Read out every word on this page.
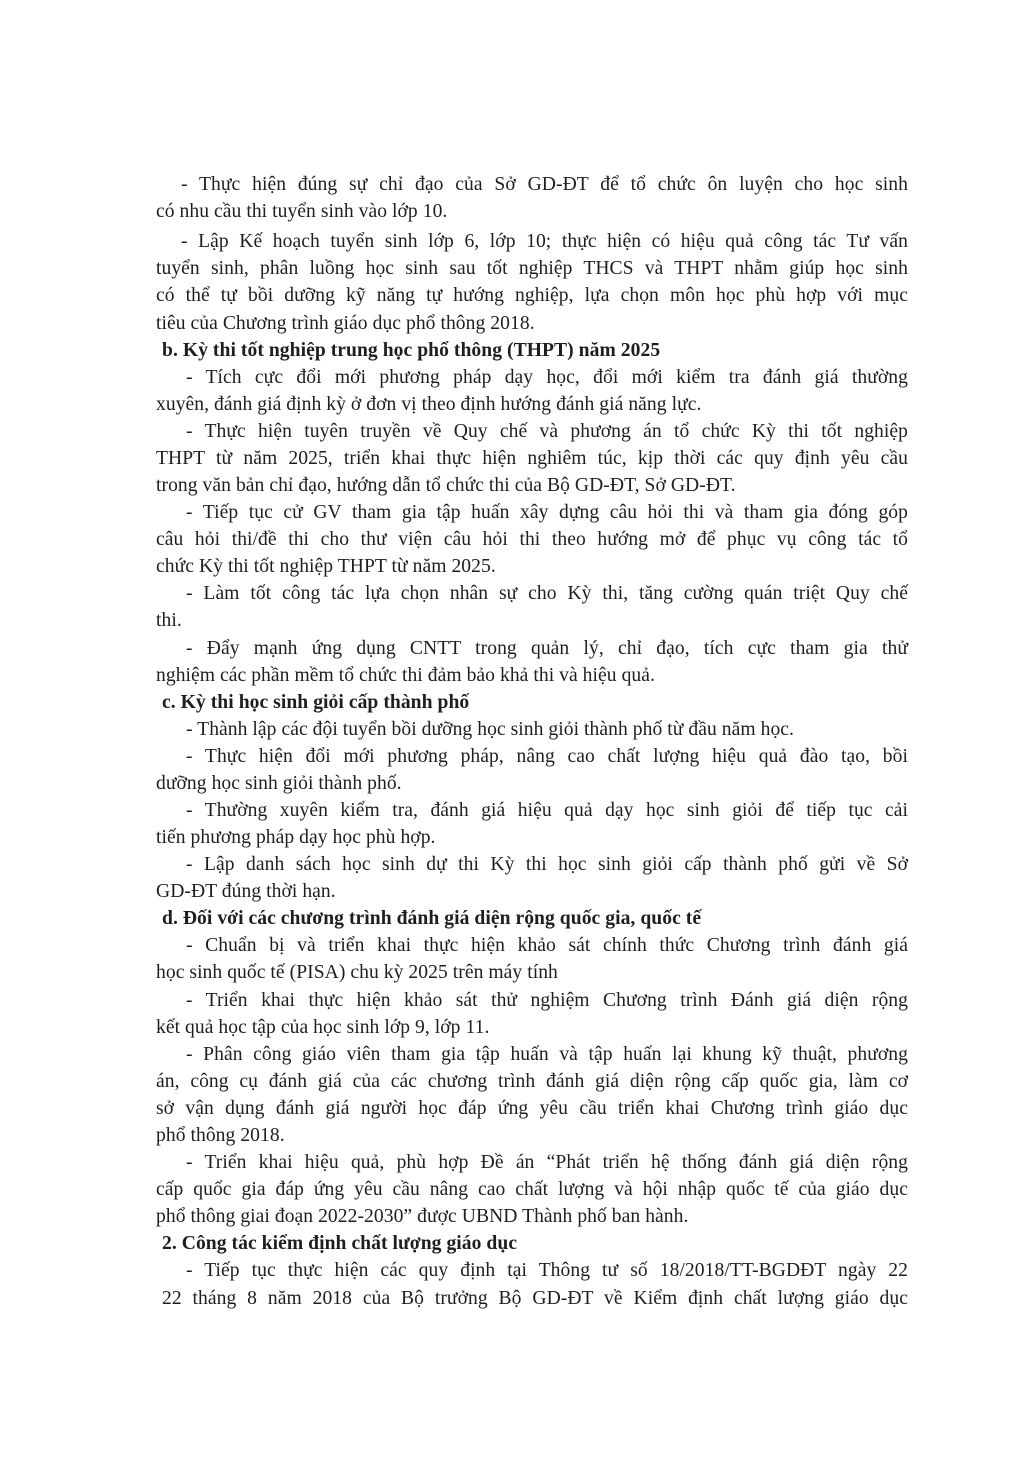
- Thực hiện đúng sự chỉ đạo của Sở GD-ĐT để tổ chức ôn luyện cho học sinh
có nhu cầu thi tuyển sinh vào lớp 10.
- Lập Kế hoạch tuyển sinh lớp 6, lớp 10; thực hiện có hiệu quả công tác Tư vấn
tuyển sinh, phân luồng học sinh sau tốt nghiệp THCS và THPT nhằm giúp học sinh
có thể tự bồi dưỡng kỹ năng tự hướng nghiệp, lựa chọn môn học phù hợp với mục
tiêu của Chương trình giáo dục phổ thông 2018.
b. Kỳ thi tốt nghiệp trung học phổ thông (THPT) năm 2025
- Tích cực đổi mới phương pháp dạy học, đổi mới kiểm tra đánh giá thường
xuyên, đánh giá định kỳ ở đơn vị theo định hướng đánh giá năng lực.
- Thực hiện tuyên truyền về Quy chế và phương án tổ chức Kỳ thi tốt nghiệp
THPT từ năm 2025, triển khai thực hiện nghiêm túc, kịp thời các quy định yêu cầu
trong văn bản chỉ đạo, hướng dẫn tổ chức thi của Bộ GD-ĐT, Sở GD-ĐT.
- Tiếp tục cử GV tham gia tập huấn xây dựng câu hỏi thi và tham gia đóng góp
câu hỏi thi/đề thi cho thư viện câu hỏi thi theo hướng mở để phục vụ công tác tổ
chức Kỳ thi tốt nghiệp THPT từ năm 2025.
- Làm tốt công tác lựa chọn nhân sự cho Kỳ thi, tăng cường quán triệt Quy chế
thi.
- Đẩy mạnh ứng dụng CNTT trong quản lý, chỉ đạo, tích cực tham gia thử
nghiệm các phần mềm tổ chức thi đảm bảo khả thi và hiệu quả.
c. Kỳ thi học sinh giỏi cấp thành phố
- Thành lập các đội tuyển bồi dưỡng học sinh giỏi thành phố từ đầu năm học.
- Thực hiện đổi mới phương pháp, nâng cao chất lượng hiệu quả đào tạo, bồi
dưỡng học sinh giỏi thành phố.
- Thường xuyên kiểm tra, đánh giá hiệu quả dạy học sinh giỏi để tiếp tục cải
tiến phương pháp dạy học phù hợp.
- Lập danh sách học sinh dự thi Kỳ thi học sinh giỏi cấp thành phố gửi về Sở
GD-ĐT đúng thời hạn.
d. Đối với các chương trình đánh giá diện rộng quốc gia, quốc tế
- Chuẩn bị và triển khai thực hiện khảo sát chính thức Chương trình đánh giá
học sinh quốc tế (PISA) chu kỳ 2025 trên máy tính
- Triển khai thực hiện khảo sát thử nghiệm Chương trình Đánh giá diện rộng
kết quả học tập của học sinh lớp 9, lớp 11.
- Phân công giáo viên tham gia tập huấn và tập huấn lại khung kỹ thuật, phương
án, công cụ đánh giá của các chương trình đánh giá diện rộng cấp quốc gia, làm cơ
sở vận dụng đánh giá người học đáp ứng yêu cầu triển khai Chương trình giáo dục
phổ thông 2018.
- Triển khai hiệu quả, phù hợp Đề án “Phát triển hệ thống đánh giá diện rộng
cấp quốc gia đáp ứng yêu cầu nâng cao chất lượng và hội nhập quốc tế của giáo dục
phổ thông giai đoạn 2022-2030” được UBND Thành phố ban hành.
2. Công tác kiểm định chất lượng giáo dục
- Tiếp tục thực hiện các quy định tại Thông tư số 18/2018/TT-BGDĐT ngày 22
22 tháng 8 năm 2018 của Bộ trưởng Bộ GD-ĐT về Kiểm định chất lượng giáo dục
